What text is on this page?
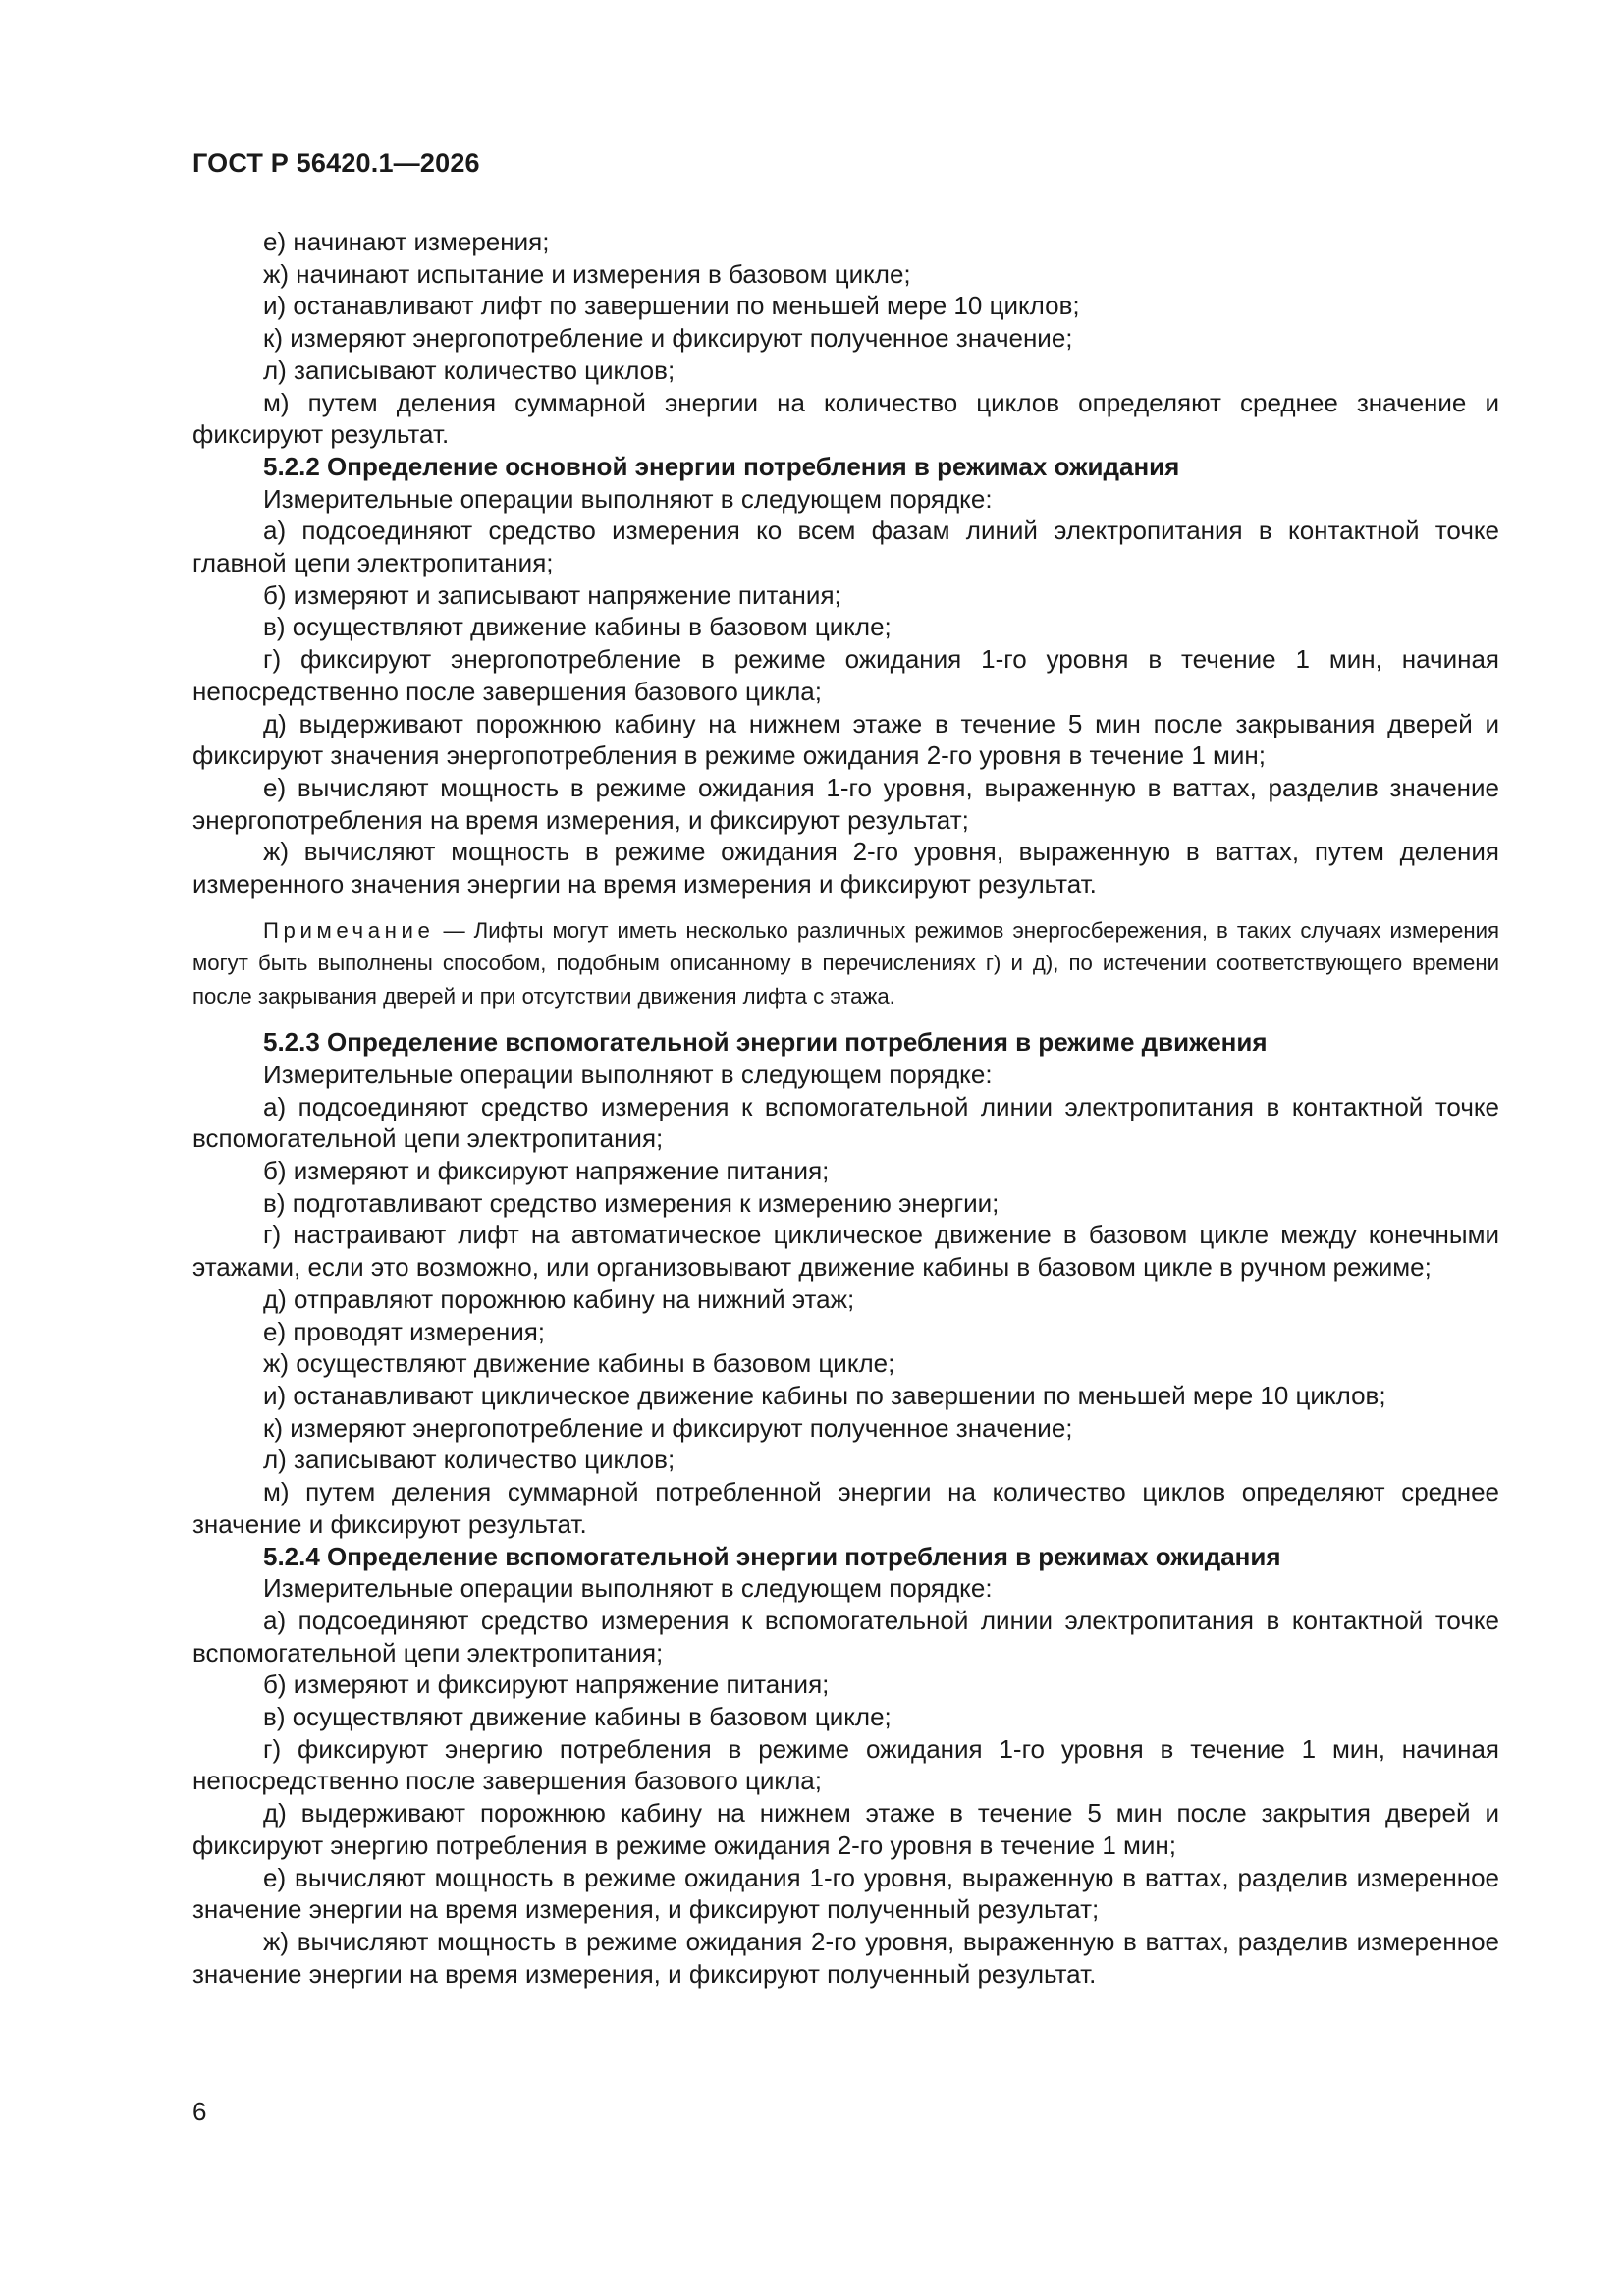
ГОСТ Р 56420.1—2026

е) начинают измерения;

ж) начинают испытание и измерения в базовом цикле;

и) останавливают лифт по завершении по меньшей мере 10 циклов;

к) измеряют энергопотребление и фиксируют полученное значение;

л) записывают количество циклов;

м) путем деления суммарной энергии на количество циклов определяют среднее значение и фиксируют результат.

5.2.2 Определение основной энергии потребления в режимах ожидания

Измерительные операции выполняют в следующем порядке:

а) подсоединяют средство измерения ко всем фазам линий электропитания в контактной точке главной цепи электропитания;

б) измеряют и записывают напряжение питания;

в) осуществляют движение кабины в базовом цикле;

г) фиксируют энергопотребление в режиме ожидания 1-го уровня в течение 1 мин, начиная непосредственно после завершения базового цикла;

д) выдерживают порожнюю кабину на нижнем этаже в течение 5 мин после закрывания дверей и фиксируют значения энергопотребления в режиме ожидания 2-го уровня в течение 1 мин;

е) вычисляют мощность в режиме ожидания 1-го уровня, выраженную в ваттах, разделив значение энергопотребления на время измерения, и фиксируют результат;

ж) вычисляют мощность в режиме ожидания 2-го уровня, выраженную в ваттах, путем деления измеренного значения энергии на время измерения и фиксируют результат.

Примечание — Лифты могут иметь несколько различных режимов энергосбережения, в таких случаях измерения могут быть выполнены способом, подобным описанному в перечислениях г) и д), по истечении соответствующего времени после закрывания дверей и при отсутствии движения лифта с этажа.

5.2.3 Определение вспомогательной энергии потребления в режиме движения

Измерительные операции выполняют в следующем порядке:

а) подсоединяют средство измерения к вспомогательной линии электропитания в контактной точке вспомогательной цепи электропитания;

б) измеряют и фиксируют напряжение питания;

в) подготавливают средство измерения к измерению энергии;

г) настраивают лифт на автоматическое циклическое движение в базовом цикле между конечными этажами, если это возможно, или организовывают движение кабины в базовом цикле в ручном режиме;

д) отправляют порожнюю кабину на нижний этаж;

е) проводят измерения;

ж) осуществляют движение кабины в базовом цикле;

и) останавливают циклическое движение кабины по завершении по меньшей мере 10 циклов;

к) измеряют энергопотребление и фиксируют полученное значение;

л) записывают количество циклов;

м) путем деления суммарной потребленной энергии на количество циклов определяют среднее значение и фиксируют результат.

5.2.4 Определение вспомогательной энергии потребления в режимах ожидания

Измерительные операции выполняют в следующем порядке:

а) подсоединяют средство измерения к вспомогательной линии электропитания в контактной точке вспомогательной цепи электропитания;

б) измеряют и фиксируют напряжение питания;

в) осуществляют движение кабины в базовом цикле;

г) фиксируют энергию потребления в режиме ожидания 1-го уровня в течение 1 мин, начиная непосредственно после завершения базового цикла;

д) выдерживают порожнюю кабину на нижнем этаже в течение 5 мин после закрытия дверей и фиксируют энергию потребления в режиме ожидания 2-го уровня в течение 1 мин;

е) вычисляют мощность в режиме ожидания 1-го уровня, выраженную в ваттах, разделив измеренное значение энергии на время измерения, и фиксируют полученный результат;

ж) вычисляют мощность в режиме ожидания 2-го уровня, выраженную в ваттах, разделив измеренное значение энергии на время измерения, и фиксируют полученный результат.

6
